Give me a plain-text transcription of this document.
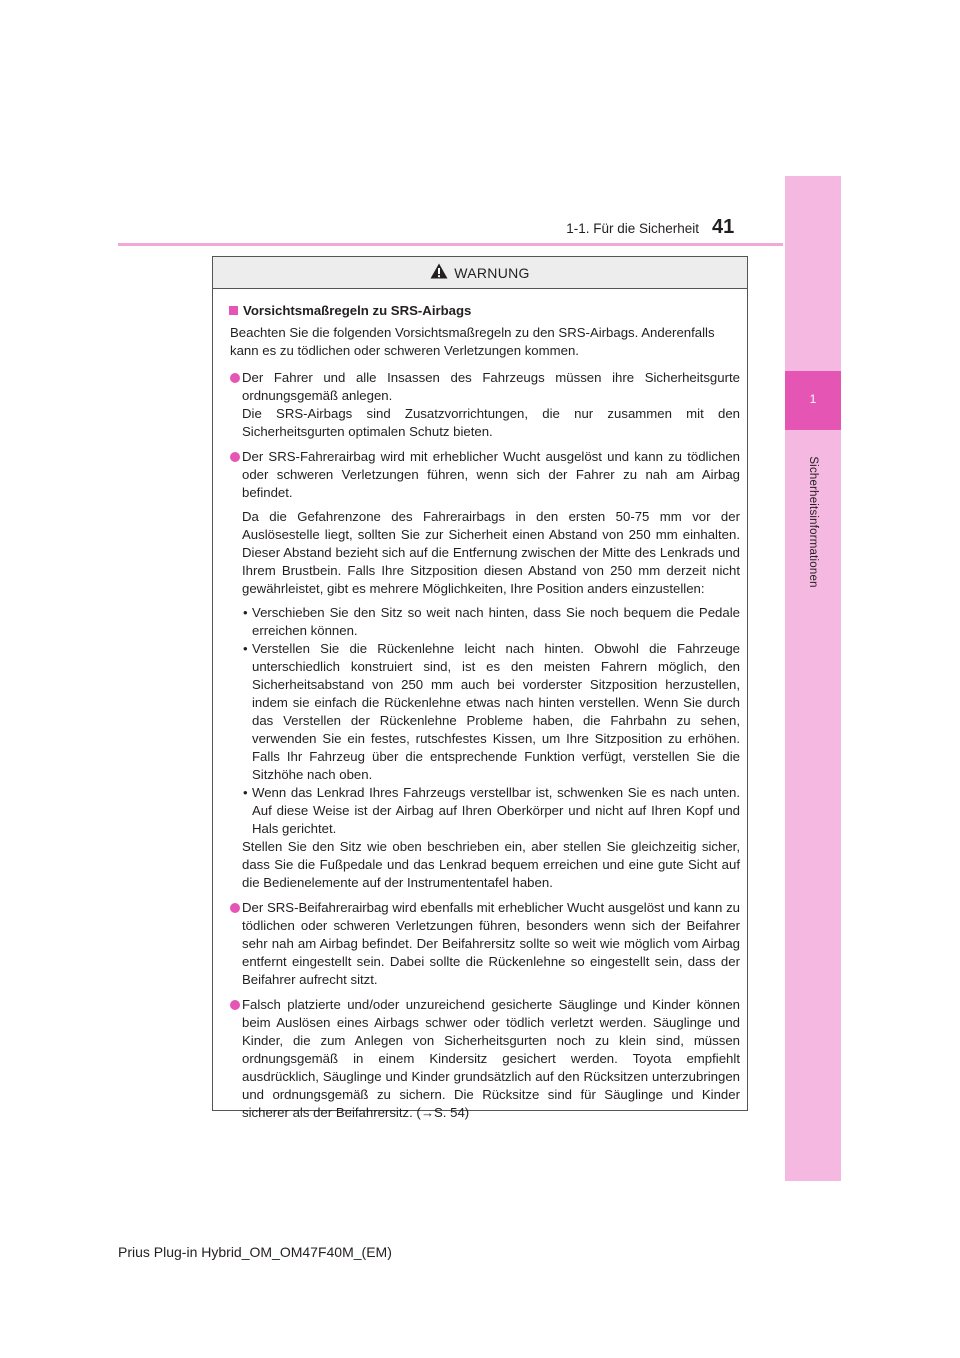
1-1. Für die Sicherheit 41
1
Sicherheitsinformationen
WARNUNG
Vorsichtsmaßregeln zu SRS-Airbags
Beachten Sie die folgenden Vorsichtsmaßregeln zu den SRS-Airbags. Anderenfalls kann es zu tödlichen oder schweren Verletzungen kommen.
Der Fahrer und alle Insassen des Fahrzeugs müssen ihre Sicherheitsgurte ordnungsgemäß anlegen.
Die SRS-Airbags sind Zusatzvorrichtungen, die nur zusammen mit den Sicherheitsgurten optimalen Schutz bieten.
Der SRS-Fahrerairbag wird mit erheblicher Wucht ausgelöst und kann zu tödlichen oder schweren Verletzungen führen, wenn sich der Fahrer zu nah am Airbag befindet.
Da die Gefahrenzone des Fahrerairbags in den ersten 50-75 mm vor der Auslösestelle liegt, sollten Sie zur Sicherheit einen Abstand von 250 mm einhalten. Dieser Abstand bezieht sich auf die Entfernung zwischen der Mitte des Lenkrads und Ihrem Brustbein. Falls Ihre Sitzposition diesen Abstand von 250 mm derzeit nicht gewährleistet, gibt es mehrere Möglichkeiten, Ihre Position anders einzustellen:
• Verschieben Sie den Sitz so weit nach hinten, dass Sie noch bequem die Pedale erreichen können.
• Verstellen Sie die Rückenlehne leicht nach hinten. Obwohl die Fahrzeuge unterschiedlich konstruiert sind, ist es den meisten Fahrern möglich, den Sicherheitsabstand von 250 mm auch bei vorderster Sitzposition herzustellen, indem sie einfach die Rückenlehne etwas nach hinten verstellen. Wenn Sie durch das Verstellen der Rückenlehne Probleme haben, die Fahrbahn zu sehen, verwenden Sie ein festes, rutschfestes Kissen, um Ihre Sitzposition zu erhöhen. Falls Ihr Fahrzeug über die entsprechende Funktion verfügt, verstellen Sie die Sitzhöhe nach oben.
• Wenn das Lenkrad Ihres Fahrzeugs verstellbar ist, schwenken Sie es nach unten. Auf diese Weise ist der Airbag auf Ihren Oberkörper und nicht auf Ihren Kopf und Hals gerichtet.
Stellen Sie den Sitz wie oben beschrieben ein, aber stellen Sie gleichzeitig sicher, dass Sie die Fußpedale und das Lenkrad bequem erreichen und eine gute Sicht auf die Bedienelemente auf der Instrumententafel haben.
Der SRS-Beifahrerairbag wird ebenfalls mit erheblicher Wucht ausgelöst und kann zu tödlichen oder schweren Verletzungen führen, besonders wenn sich der Beifahrer sehr nah am Airbag befindet. Der Beifahrersitz sollte so weit wie möglich vom Airbag entfernt eingestellt sein. Dabei sollte die Rückenlehne so eingestellt sein, dass der Beifahrer aufrecht sitzt.
Falsch platzierte und/oder unzureichend gesicherte Säuglinge und Kinder können beim Auslösen eines Airbags schwer oder tödlich verletzt werden. Säuglinge und Kinder, die zum Anlegen von Sicherheitsgurten noch zu klein sind, müssen ordnungsgemäß in einem Kindersitz gesichert werden. Toyota empfiehlt ausdrücklich, Säuglinge und Kinder grundsätzlich auf den Rücksitzen unterzubringen und ordnungsgemäß zu sichern. Die Rücksitze sind für Säuglinge und Kinder sicherer als der Beifahrersitz. (→S. 54)
Prius Plug-in Hybrid_OM_OM47F40M_(EM)
